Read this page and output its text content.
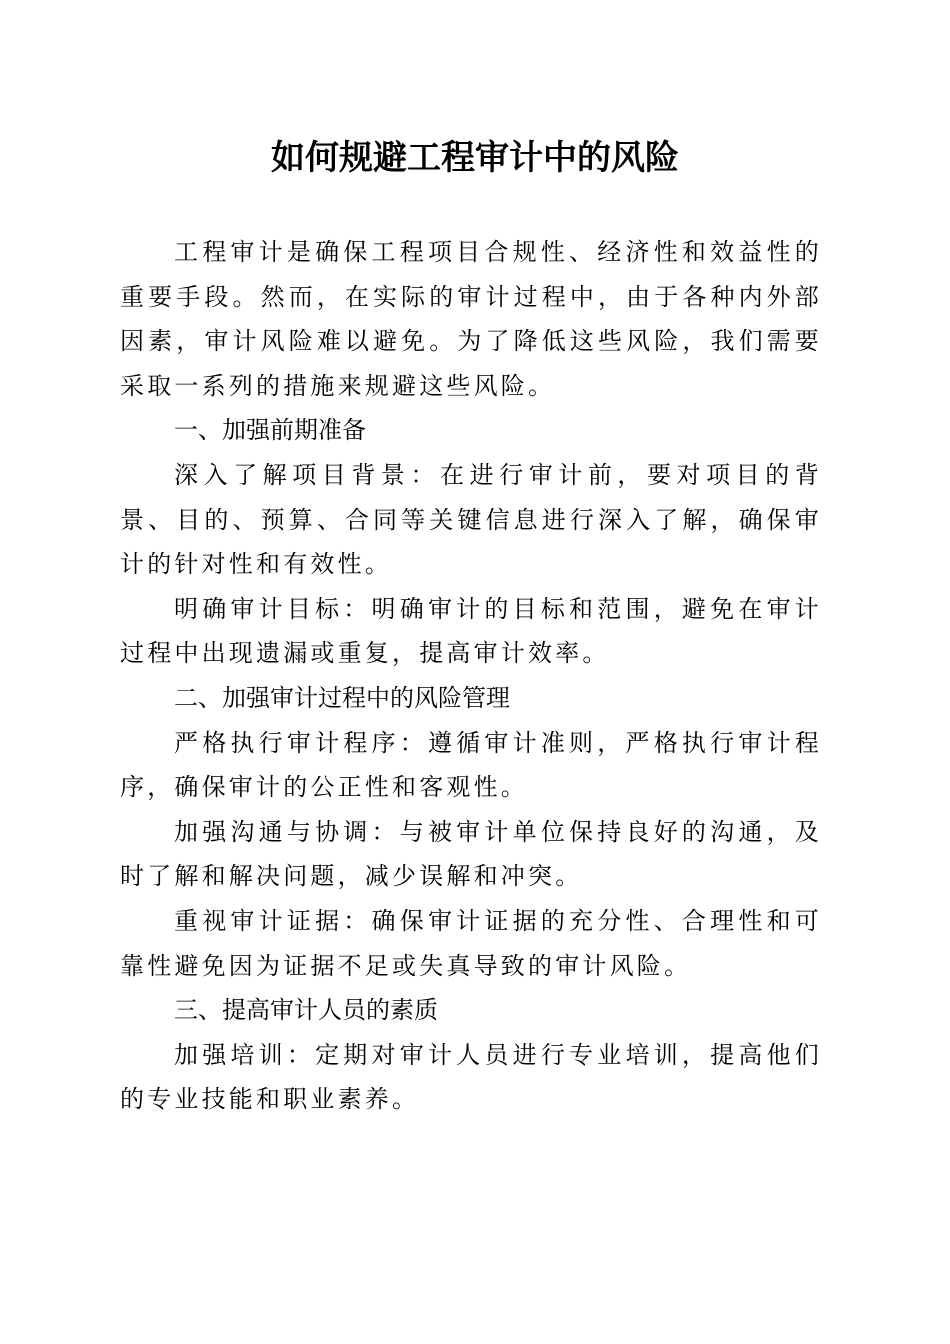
如何规避工程审计中的风险

工程审计是确保工程项目合规性、经济性和效益性的重要手段。然而，在实际的审计过程中，由于各种内外部因素，审计风险难以避免。为了降低这些风险，我们需要采取一系列的措施来规避这些风险。

一、加强前期准备

深入了解项目背景：在进行审计前，要对项目的背景、目的、预算、合同等关键信息进行深入了解，确保审计的针对性和有效性。

明确审计目标：明确审计的目标和范围，避免在审计过程中出现遗漏或重复，提高审计效率。

二、加强审计过程中的风险管理

严格执行审计程序：遵循审计准则，严格执行审计程序，确保审计的公正性和客观性。

加强沟通与协调：与被审计单位保持良好的沟通，及时了解和解决问题，减少误解和冲突。

重视审计证据：确保审计证据的充分性、合理性和可靠性避免因为证据不足或失真导致的审计风险。

三、提高审计人员的素质

加强培训：定期对审计人员进行专业培训，提高他们的专业技能和职业素养。
